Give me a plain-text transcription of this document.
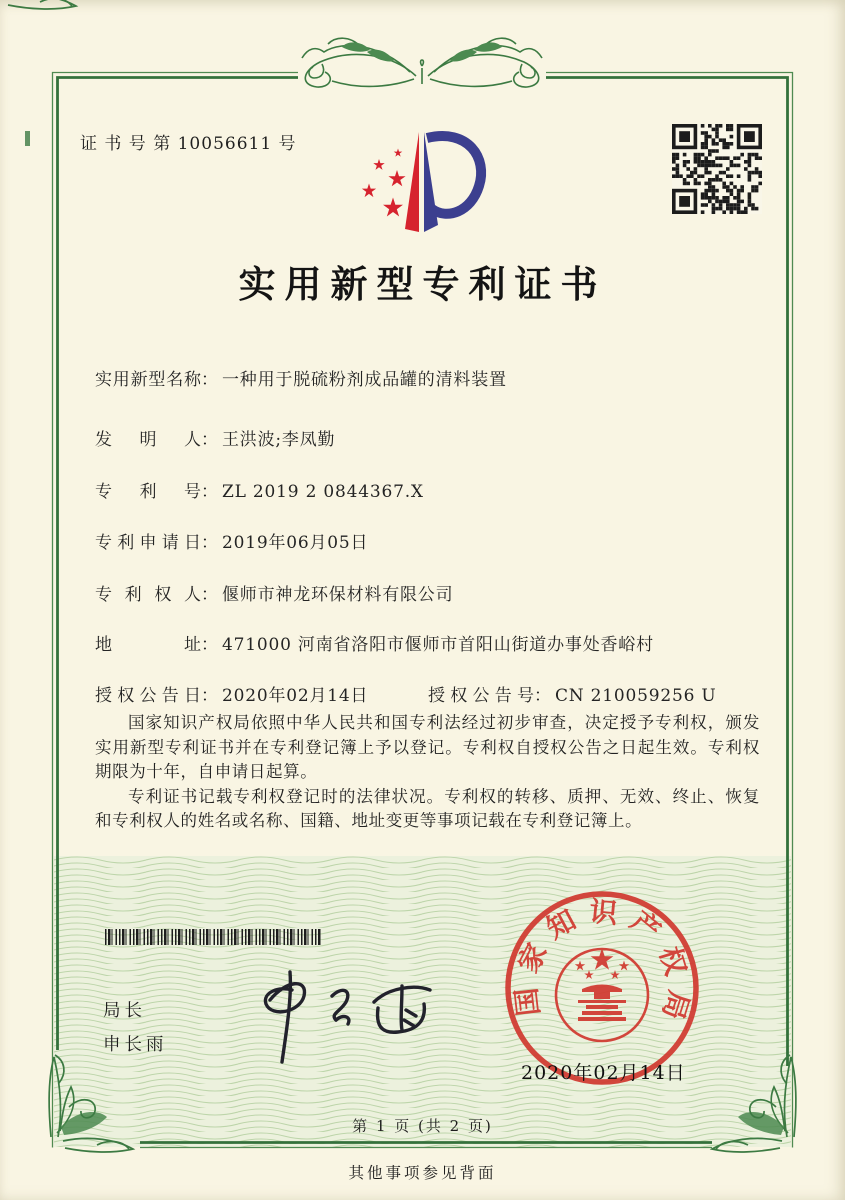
证 书 号 第 10056611 号
实用新型专利证书
实用新型名称： 一种用于脱硫粉剂成品罐的清料装置
发明人： 王洪波;李凤勤
专利号： ZL 2019 2 0844367.X
专利申请日： 2019年06月05日
专利权人： 偃师市神龙环保材料有限公司
地址： 471000 河南省洛阳市偃师市首阳山街道办事处香峪村
授权公告日： 2020年02月14日	授权公告号： CN 210059256 U

国家知识产权局依照中华人民共和国专利法经过初步审查，决定授予专利权，颁发实用新型专利证书并在专利登记簿上予以登记。专利权自授权公告之日起生效。专利权期限为十年，自申请日起算。

专利证书记载专利权登记时的法律状况。专利权的转移、质押、无效、终止、恢复和专利权人的姓名或名称、国籍、地址变更等事项记载在专利登记簿上。

局长
申长雨
国家知识产权局
2020年02月14日
第 1 页 (共 2 页)
其他事项参见背面
